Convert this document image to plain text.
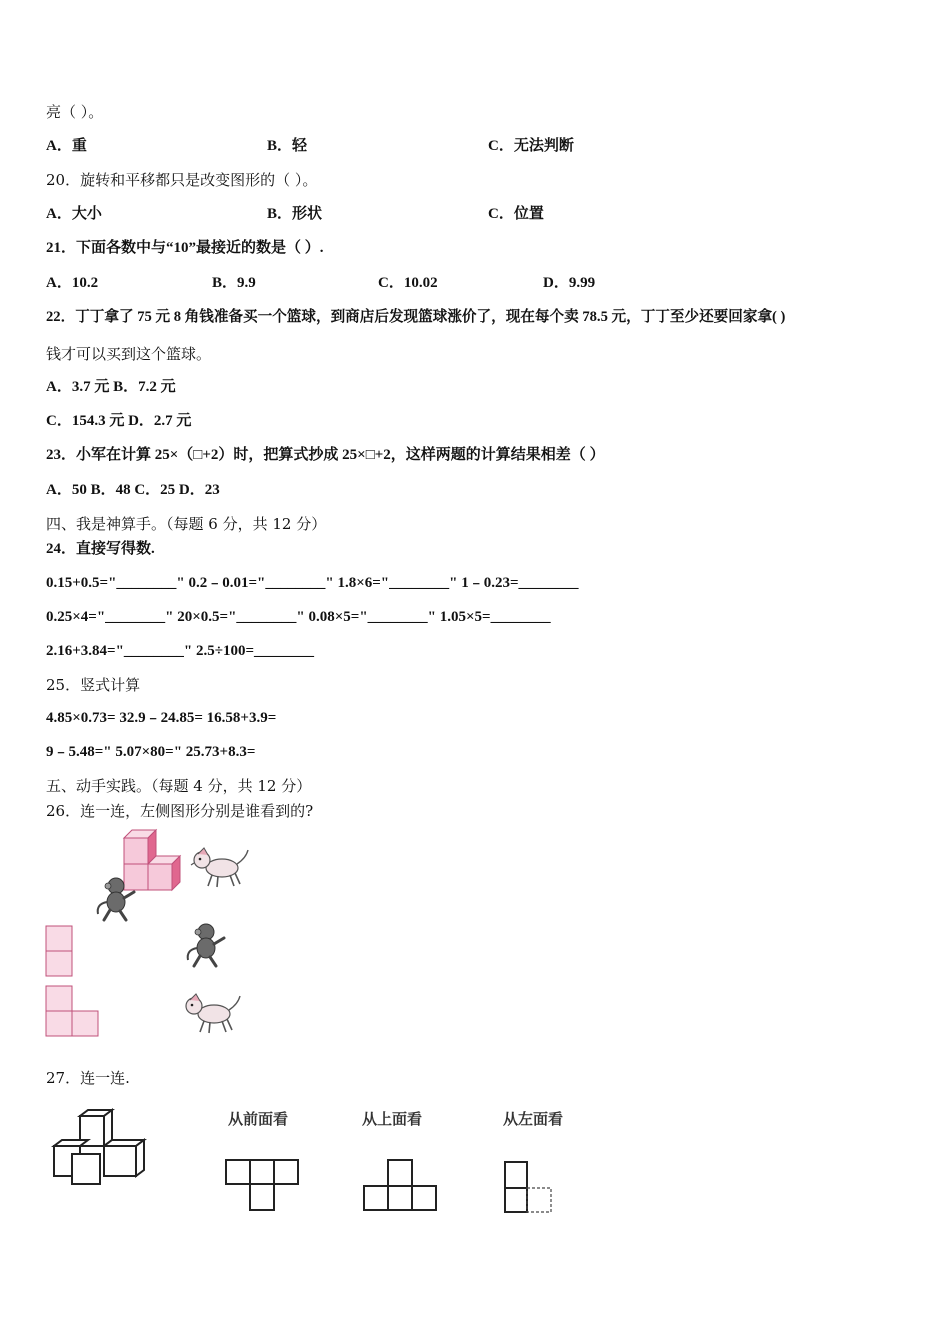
亮（ ）。
A．重	B．轻	C．无法判断
20．旋转和平移都只是改变图形的（ ）。
A．大小	B．形状	C．位置
21．下面各数中与“10”最接近的数是（ ）.
A．10.2	B．9.9	C．10.02	D．9.99
22．丁丁拿了 75 元 8 角钱准备买一个篮球，到商店后发现篮球涨价了，现在每个卖 78.5 元，丁丁至少还要回家拿( )
钱才可以买到这个篮球。
A．3.7 元 B．7.2 元
C．154.3 元 D．2.7 元
23．小军在计算 25×（□+2）时，把算式抄成 25×□+2，这样两题的计算结果相差（ ）
A．50 B．48 C．25 D．23
四、我是神算手。（每题 6 分，共 12 分）
24．直接写得数.
0.15+0.5="________" 0.2﹣0.01="________" 1.8×6="________" 1﹣0.23=________
0.25×4="________" 20×0.5="________" 0.08×5="________" 1.05×5=________
2.16+3.84="________" 2.5÷100=________
25．竖式计算
4.85×0.73= 32.9﹣24.85= 16.58+3.9=
9﹣5.48=" 5.07×80=" 25.73+8.3=
五、动手实践。（每题 4 分，共 12 分）
26．连一连，左侧图形分别是谁看到的?
27．连一连.
从前面看	从上面看	从左面看
